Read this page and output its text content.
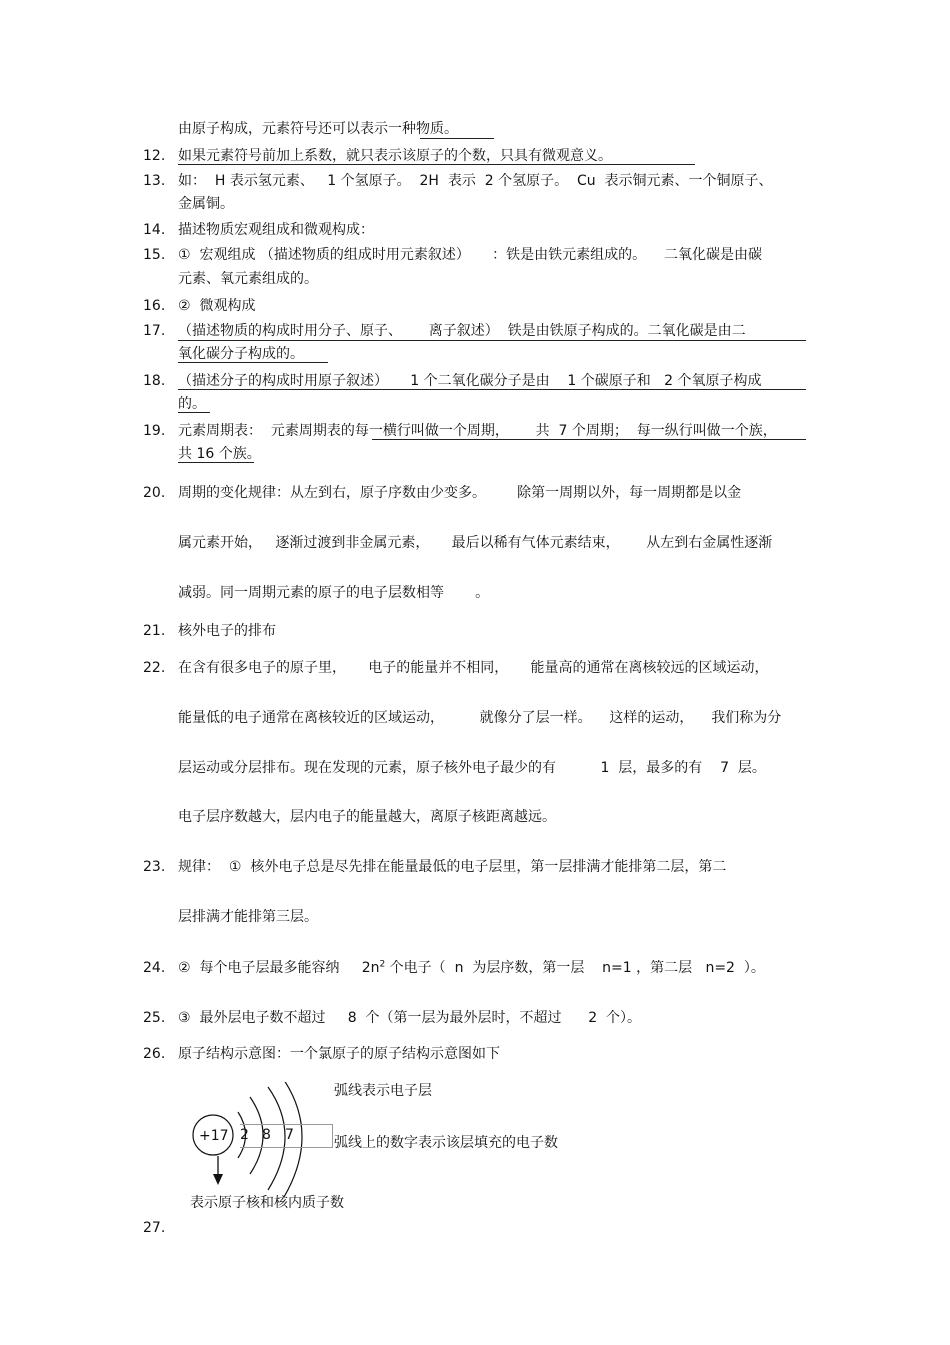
由原子构成，元素符号还可以表示一种物质。
12. 如果元素符号前加上系数，就只表示该原子的个数，只具有微观意义。
13. 如：  H 表示氢元素、   1 个氢原子。  2H  表示  2 个氢原子。  Cu  表示铜元素、一个铜原子、
金属铜。
14. 描述物质宏观组成和微观构成：
15. ①  宏观组成 （描述物质的组成时用元素叙述）     ：铁是由铁元素组成的。    二氧化碳是由碳
元素、氧元素组成的。
16. ②  微观构成
17. （描述物质的构成时用分子、原子、      离子叙述）  铁是由铁原子构成的。二氧化碳是由二
氧化碳分子构成的。
18. （描述分子的构成时用原子叙述）     1 个二氧化碳分子是由    1 个碳原子和   2 个氧原子构成
的。
19. 元素周期表：  元素周期表的每一横行叫做一个周期，      共  7 个周期；  每一纵行叫做一个族，
共 16 个族。
20. 周期的变化规律：从左到右，原子序数由少变多。       除第一周期以外，每一周期都是以金
属元素开始，   逐渐过渡到非金属元素，     最后以稀有气体元素结束，      从左到右金属性逐渐
减弱。同一周期元素的原子的电子层数相等       。
21. 核外电子的排布
22. 在含有很多电子的原子里，     电子的能量并不相同，     能量高的通常在离核较远的区域运动，
能量低的电子通常在离核较近的区域运动，        就像分了层一样。    这样的运动，    我们称为分
层运动或分层排布。现在发现的元素，原子核外电子最少的有          1  层，最多的有    7  层。
电子层序数越大，层内电子的能量越大，离原子核距离越远。
23. 规律：  ①  核外电子总是尽先排在能量最低的电子层里，第一层排满才能排第二层，第二
层排满才能排第三层。
24. ②  每个电子层最多能容纳     $2n^2$ 个电子（  n  为层序数，第一层    n=1 ，第二层   n=2  ）。
25. ③  最外层电子数不超过     8  个（第一层为最外层时，不超过      2  个）。
26. 原子结构示意图：一个氯原子的原子结构示意图如下
+17 2 8 7
弧线表示电子层
弧线上的数字表示该层填充的电子数
表示原子核和核内质子数
27.
